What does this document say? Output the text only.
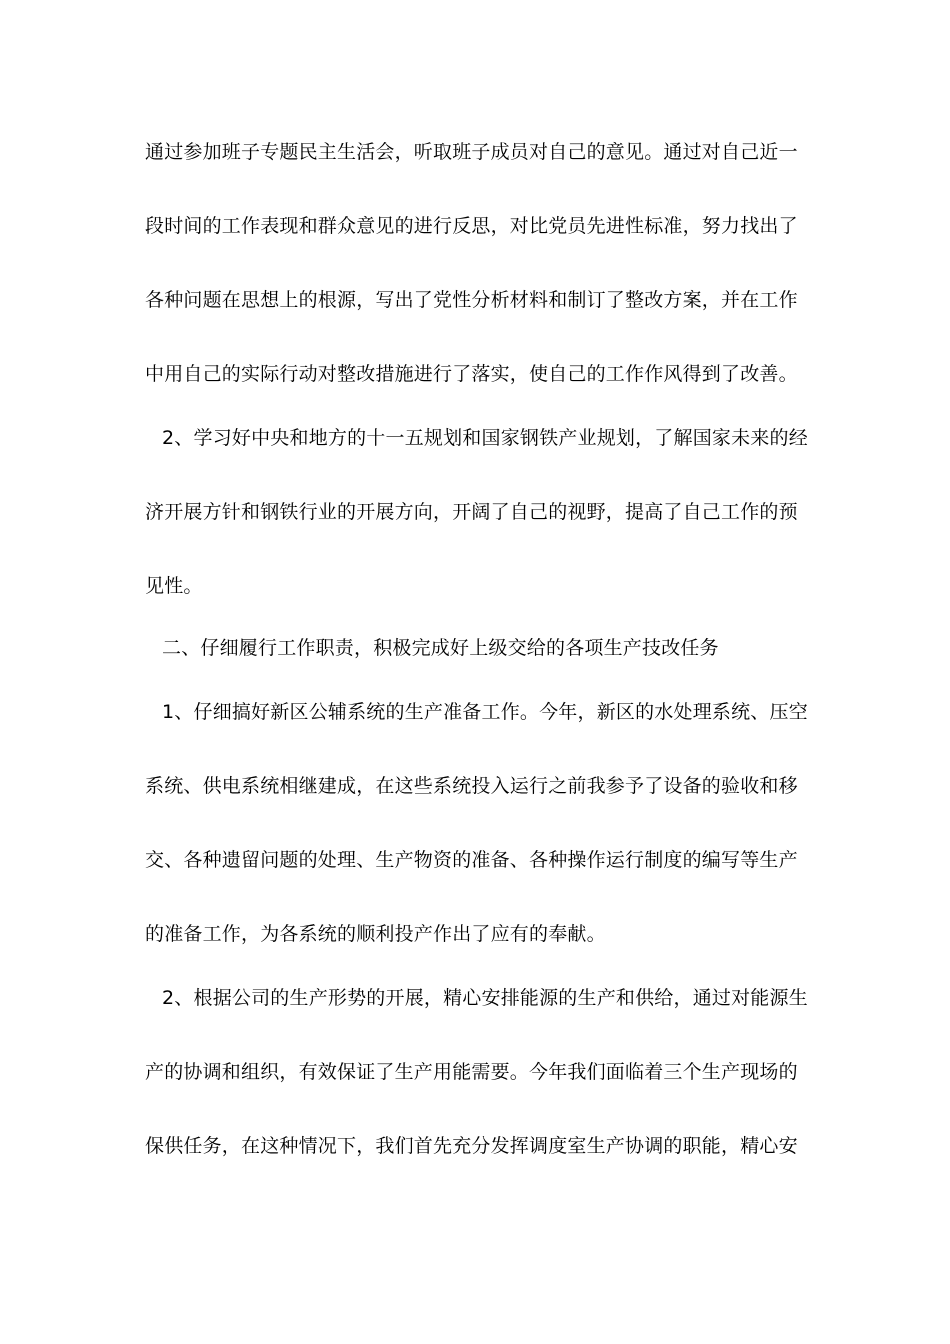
通过参加班子专题民主生活会，听取班子成员对自己的意见。通过对自己近一
段时间的工作表现和群众意见的进行反思，对比党员先进性标准，努力找出了
各种问题在思想上的根源，写出了党性分析材料和制订了整改方案，并在工作
中用自己的实际行动对整改措施进行了落实，使自己的工作作风得到了改善。
2、学习好中央和地方的十一五规划和国家钢铁产业规划，了解国家未来的经
济开展方针和钢铁行业的开展方向，开阔了自己的视野，提高了自己工作的预
见性。
二、仔细履行工作职责，积极完成好上级交给的各项生产技改任务
1、仔细搞好新区公辅系统的生产准备工作。今年，新区的水处理系统、压空
系统、供电系统相继建成，在这些系统投入运行之前我参予了设备的验收和移
交、各种遗留问题的处理、生产物资的准备、各种操作运行制度的编写等生产
的准备工作，为各系统的顺利投产作出了应有的奉献。
2、根据公司的生产形势的开展，精心安排能源的生产和供给，通过对能源生
产的协调和组织，有效保证了生产用能需要。今年我们面临着三个生产现场的
保供任务，在这种情况下，我们首先充分发挥调度室生产协调的职能，精心安
